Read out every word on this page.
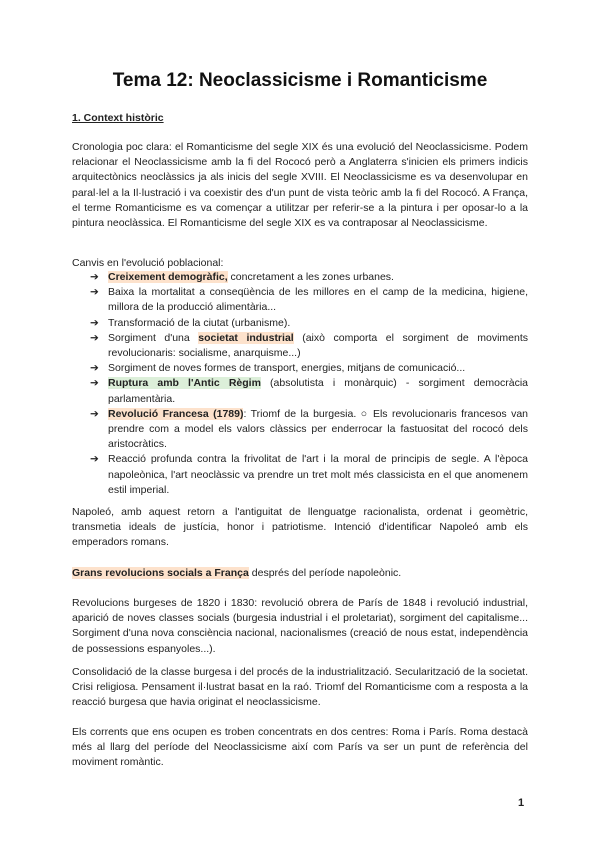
Tema 12: Neoclassicisme i Romanticisme

1. Context històric

Cronologia poc clara: el Romanticisme del segle XIX és una evolució del Neoclassicisme. Podem relacionar el Neoclassicisme amb la fi del Rococó però a Anglaterra s'inicien els primers indicis arquitectònics neoclàssics ja als inicis del segle XVIII. El Neoclassicisme es va desenvolupar en paral·lel a la Il·lustració i va coexistir des d'un punt de vista teòric amb la fi del Rococó. A França, el terme Romanticisme es va començar a utilitzar per referir-se a la pintura i per oposar-lo a la pintura neoclàssica. El Romanticisme del segle XIX es va contraposar al Neoclassicisme.

Canvis en l'evolució poblacional:

➔ Creixement demogràfic, concretament a les zones urbanes.
➔ Baixa la mortalitat a conseqüència de les millores en el camp de la medicina, higiene, millora de la producció alimentària...
➔ Transformació de la ciutat (urbanisme).
➔ Sorgiment d'una societat industrial (això comporta el sorgiment de moviments revolucionaris: socialisme, anarquisme...)
➔ Sorgiment de noves formes de transport, energies, mitjans de comunicació...
➔ Ruptura amb l'Antic Règim (absolutista i monàrquic) - sorgiment democràcia parlamentària.
➔ Revolució Francesa (1789): Triomf de la burgesia. ○ Els revolucionaris francesos van prendre com a model els valors clàssics per enderrocar la fastuositat del rococó dels aristocràtics.
➔ Reacció profunda contra la frivolitat de l'art i la moral de principis de segle. A l'època napoleònica, l'art neoclàssic va prendre un tret molt més classicista en el que anomenem estil imperial.

Napoleó, amb aquest retorn a l'antiguitat de llenguatge racionalista, ordenat i geomètric, transmetia ideals de justícia, honor i patriotisme. Intenció d'identificar Napoleó amb els emperadors romans.

Grans revolucions socials a França després del període napoleònic.

Revolucions burgeses de 1820 i 1830: revolució obrera de París de 1848 i revolució industrial, aparició de noves classes socials (burgesia industrial i el proletariat), sorgiment del capitalisme... Sorgiment d'una nova consciència nacional, nacionalismes (creació de nous estat, independència de possessions espanyoles...).

Consolidació de la classe burgesa i del procés de la industrialització. Secularització de la societat. Crisi religiosa. Pensament il·lustrat basat en la raó. Triomf del Romanticisme com a resposta a la reacció burgesa que havia originat el neoclassicisme.

Els corrents que ens ocupen es troben concentrats en dos centres: Roma i París. Roma destacà més al llarg del període del Neoclassicisme així com París va ser un punt de referència del moviment romàntic.

1
